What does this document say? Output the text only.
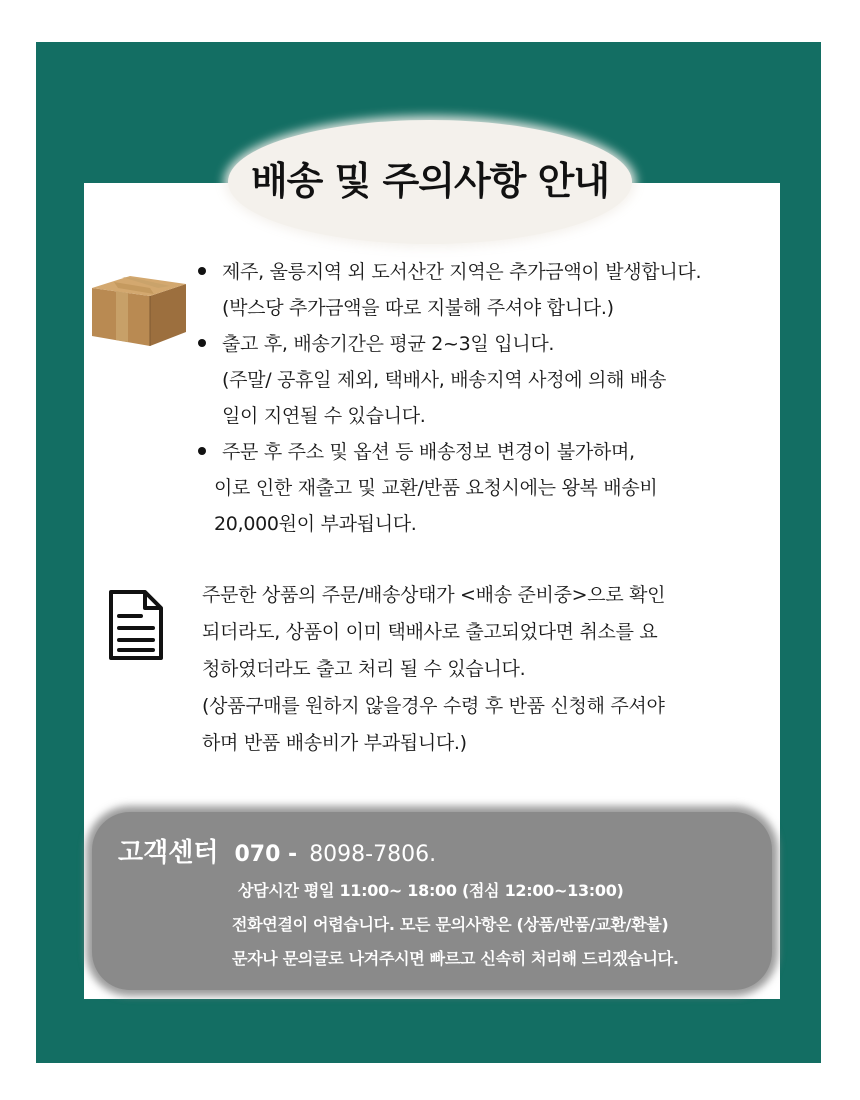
배송 및 주의사항 안내
제주, 울릉지역 외 도서산간 지역은 추가금액이 발생합니다.
(박스당 추가금액을 따로 지불해 주셔야 합니다.)
출고 후, 배송기간은 평균 2~3일 입니다.
(주말/ 공휴일 제외, 택배사, 배송지역 사정에 의해 배송
일이 지연될 수 있습니다.
주문 후 주소 및 옵션 등 배송정보 변경이 불가하며,
이로 인한 재출고 및 교환/반품 요청시에는 왕복 배송비
20,000원이 부과됩니다.
주문한 상품의 주문/배송상태가 <배송 준비중>으로 확인
되더라도, 상품이 이미 택배사로 출고되었다면 취소를 요
청하였더라도 출고 처리 될 수 있습니다.
(상품구매를 원하지 않을경우 수령 후 반품 신청해 주셔야
하며 반품 배송비가 부과됩니다.)
고객센터 070 - 8098-7806.
상담시간 평일 11:00~ 18:00 (점심 12:00~13:00)
전화연결이 어렵습니다. 모든 문의사항은 (상품/반품/교환/환불)
문자나 문의글로 나겨주시면 빠르고 신속히 처리해 드리겠습니다.
